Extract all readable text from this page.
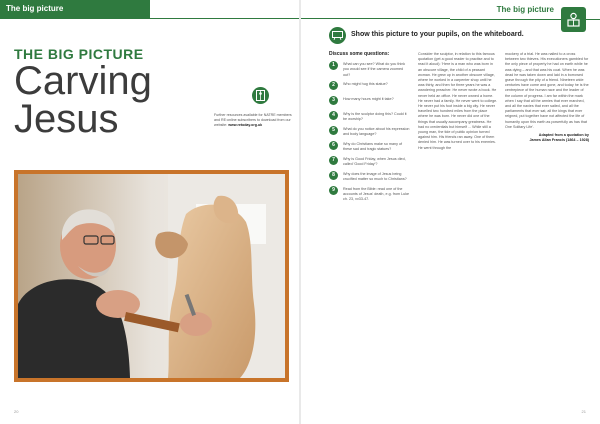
The big picture
THE BIG PICTURE
Carving
Jesus	Further resources available for NATRE members and RE:online subscribers to download from our website: www.retoday.org.uk
20
The big picture
Show this picture to your pupils, on the whiteboard.
Discuss some questions:
1	What can you see? What do you think you would see if the camera zoomed out?
2	Who might hug this statue?
3	How many hours might it take?
4	Why is the sculptor doing this? Could it be worship?
5	What do you notice about his expression and body language?
6	Why do Christians make so many of these sad and tragic statues?
7	Why is Good Friday, when Jesus died, called 'Good Friday'?
8	Why does the image of Jesus being crucified matter so much to Christians?
9	Read from the Bible: read one of the accounts of Jesus' death, e.g. from Luke ch. 23, vv33-47.

Consider the sculptor, in relation to this famous quotation (get a good reader to practise and to read it aloud): 'Here is a man who was born in an obscure village, the child of a peasant woman. He grew up in another obscure village, where he worked in a carpenter shop until he was thirty, and then for three years he was a wandering preacher. He never wrote a book. He never held an office. He never owned a home. He never had a family. He never went to college. He never put his foot inside a big city. He never travelled two hundred miles from the place where he was born. He never did one of the things that usually accompany greatness. He had no credentials but himself ... While still a young man, the tide of public opinion turned against him. His friends ran away. One of them denied him. He was turned over to his enemies. He went through the

mockery of a trial. He was nailed to a cross between two thieves. His executioners gambled for the only piece of property he had on earth while he was dying – and that was his coat. When he was dead he was taken down and laid in a borrowed grave through the pity of a friend. Nineteen wide centuries have come and gone, and today he is the centrepiece of the human race and the leader of the column of progress. I am far within the mark when I say that all the armies that ever marched, and all the navies that ever sailed, and all the parliaments that ever sat, all the kings that ever reigned, put together have not affected the life of humanity upon this earth as powerfully as has that One Solitary Life'.

Adapted from a quotation by
James Allan Francis (1864 – 1928)
21
